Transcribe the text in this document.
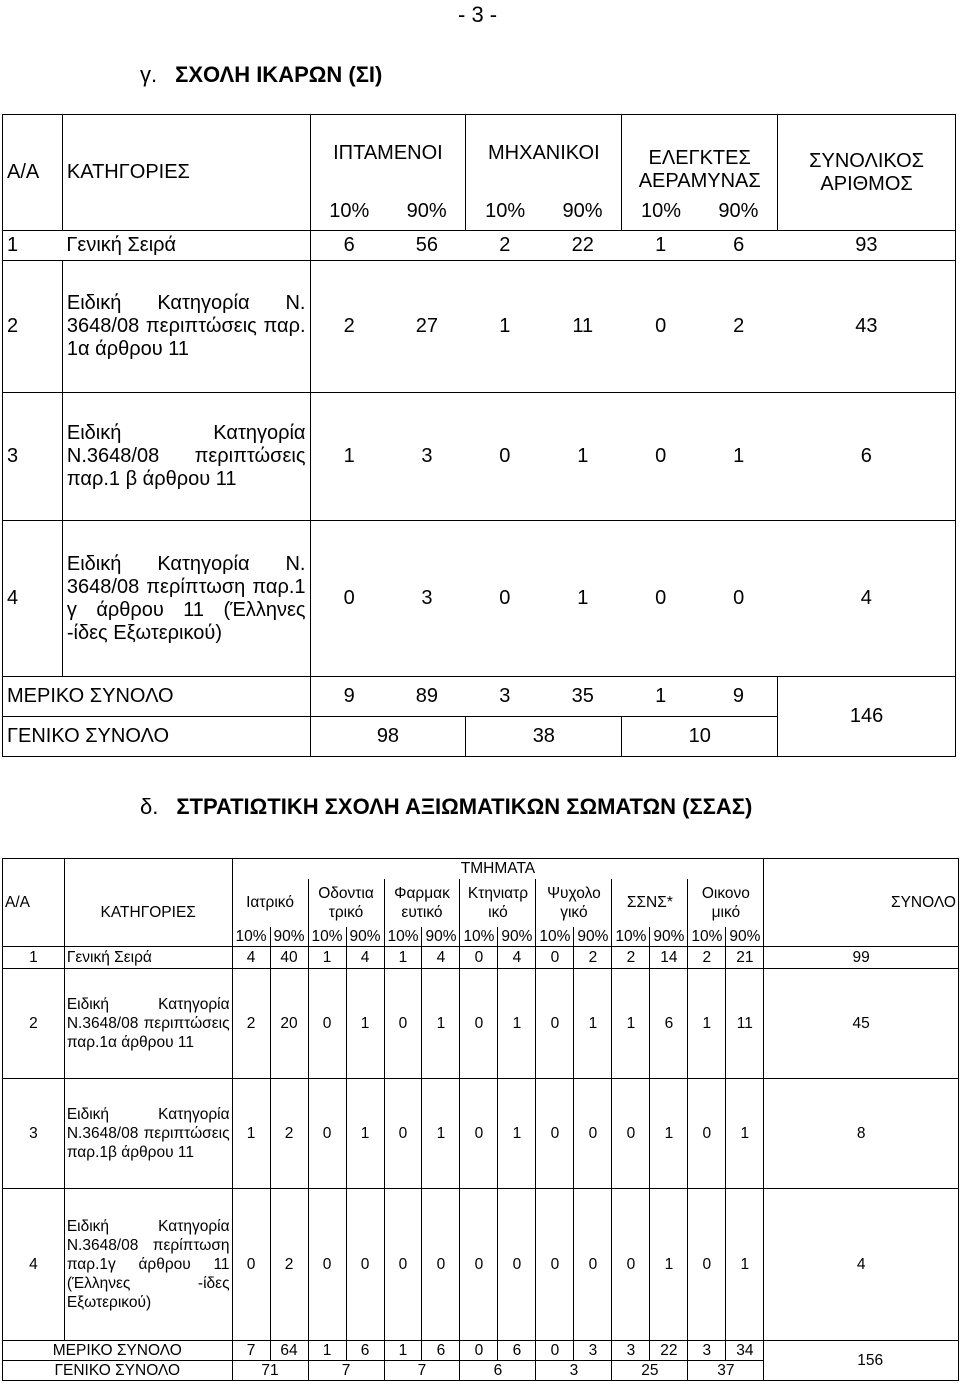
- 3 -
γ. ΣΧΟΛΗ ΙΚΑΡΩΝ (ΣΙ)
Α/Α	ΚΑΤΗΓΟΡΙΕΣ	ΙΠΤΑΜΕΝΟΙ		ΜΗΧΑΝΙΚΟΙ		ΕΛΕΓΚΤΕΣ ΑΕΡΑΜΥΝΑΣ		ΣΥΝΟΛΙΚΟΣ ΑΡΙΘΜΟΣ
		10%	90%	10%	90%	10%	90%	
1	Γενική Σειρά	6	56	2	22	1	6	93
2	Ειδική Κατηγορία Ν. 3648/08 περιπτώσεις παρ. 1α άρθρου 11	2	27	1	11	0	2	43
3	Ειδική Κατηγορία Ν.3648/08 περιπτώσεις παρ.1 β άρθρου 11	1	3	0	1	0	1	6
4	Ειδική Κατηγορία Ν. 3648/08 περίπτωση παρ.1 γ άρθρου 11 (Έλληνες -ίδες Εξωτερικού)	0	3	0	1	0	0	4
ΜΕΡΙΚΟ ΣΥΝΟΛΟ		9	89	3	35	1	9	146
ΓΕΝΙΚΟ ΣΥΝΟΛΟ		98		38		10		
δ. ΣΤΡΑΤΙΩΤΙΚΗ ΣΧΟΛΗ ΑΞΙΩΜΑΤΙΚΩΝ ΣΩΜΑΤΩΝ (ΣΣΑΣ)
Α/Α	ΚΑΤΗΓΟΡΙΕΣ	ΤΜΗΜΑΤΑ														ΣΥΝΟΛΟ
		Ιατρικό		Οδοντια τρικό		Φαρμακ ευτικό		Κτηνιατρ ικό		Ψυχολο γικό		ΣΣΝΣ*		Οικονο μικό		
		10%	90%	10%	90%	10%	90%	10%	90%	10%	90%	10%	90%	10%	90%	
1	Γενική Σειρά	4	40	1	4	1	4	0	4	0	2	2	14	2	21	99
2	Ειδική Κατηγορία Ν.3648/08 περιπτώσεις παρ.1α άρθρου 11	2	20	0	1	0	1	0	1	0	1	1	6	1	11	45
3	Ειδική Κατηγορία Ν.3648/08 περιπτώσεις παρ.1β άρθρου 11	1	2	0	1	0	1	0	1	0	0	0	1	0	1	8
4	Ειδική Κατηγορία Ν.3648/08 περίπτωση παρ.1γ άρθρου 11 (Έλληνες -ίδες Εξωτερικού)	0	2	0	0	0	0	0	0	0	0	0	1	0	1	4
ΜΕΡΙΚΟ ΣΥΝΟΛΟ		7	64	1	6	1	6	0	6	0	3	3	22	3	34	156
ΓΕΝΙΚΟ ΣΥΝΟΛΟ		71		7		7		6		3		25		37		
